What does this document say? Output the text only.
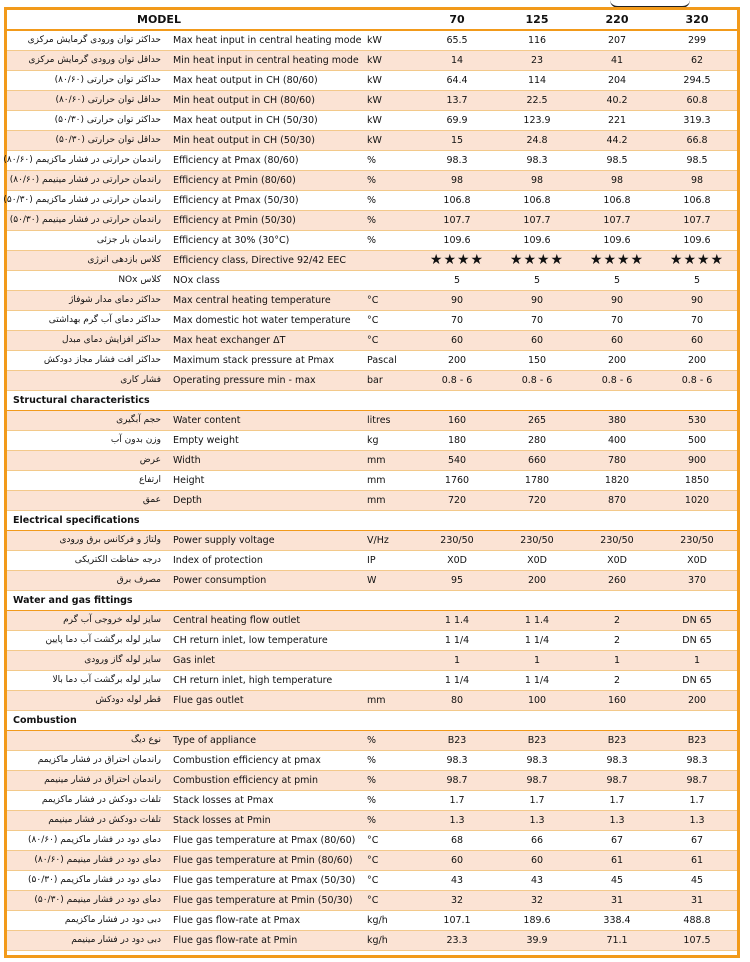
MODEL			70	125	220	320
حداکثر توان ورودی گرمایش مرکزی	Max heat input in central heating mode	kW	65.5	116	207	299
حداقل توان ورودی گرمایش مرکزی	Min heat input in central heating mode	kW	14	23	41	62
حداکثر توان حرارتی (۸۰/۶۰)	Max heat output in CH (80/60)	kW	64.4	114	204	294.5
حداقل توان حرارتی (۸۰/۶۰)	Min heat output in CH (80/60)	kW	13.7	22.5	40.2	60.8
حداکثر توان حرارتی (۵۰/۳۰)	Max heat output in CH (50/30)	kW	69.9	123.9	221	319.3
حداقل توان حرارتی (۵۰/۳۰)	Min heat output in CH (50/30)	kW	15	24.8	44.2	66.8
راندمان حرارتی در فشار ماکزیمم (۸۰/۶۰)	Efficiency at Pmax (80/60)	%	98.3	98.3	98.5	98.5
راندمان حرارتی در فشار مینیمم (۸۰/۶۰)	Efficiency at Pmin (80/60)	%	98	98	98	98
راندمان حرارتی در فشار ماکزیمم (۵۰/۳۰)	Efficiency at Pmax (50/30)	%	106.8	106.8	106.8	106.8
راندمان حرارتی در فشار مینیمم (۵۰/۳۰)	Efficiency at Pmin (50/30)	%	107.7	107.7	107.7	107.7
راندمان بار جزئی	Efficiency at 30% (30°C)	%	109.6	109.6	109.6	109.6
کلاس بازدهی انرژی	Efficiency class, Directive 92/42 EEC		★★★★	★★★★	★★★★	★★★★
کلاس NOx	NOx class		5	5	5	5
حداکثر دمای مدار شوفاژ	Max central heating temperature	°C	90	90	90	90
حداکثر دمای آب گرم بهداشتی	Max domestic hot water temperature	°C	70	70	70	70
حداکثر افزایش دمای مبدل	Max heat exchanger ΔT	°C	60	60	60	60
حداکثر افت فشار مجاز دودکش	Maximum stack pressure at Pmax	Pascal	200	150	200	200
فشار کاری	Operating pressure min - max	bar	0.8 - 6	0.8 - 6	0.8 - 6	0.8 - 6
Structural characteristics						
حجم آبگیری	Water content	litres	160	265	380	530
وزن بدون آب	Empty weight	kg	180	280	400	500
عرض	Width	mm	540	660	780	900
ارتفاع	Height	mm	1760	1780	1820	1850
عمق	Depth	mm	720	720	870	1020
Electrical specifications						
ولتاژ و فرکانس برق ورودی	Power supply voltage	V/Hz	230/50	230/50	230/50	230/50
درجه حفاظت الکتریکی	Index of protection	IP	X0D	X0D	X0D	X0D
مصرف برق	Power consumption	W	95	200	260	370
Water and gas fittings						
سایز لوله خروجی آب گرم	Central heating flow outlet		1 1.4	1 1.4	2	DN 65
سایز لوله برگشت آب دما پایین	CH return inlet, low temperature		1 1/4	1 1/4	2	DN 65
سایز لوله گاز ورودی	Gas inlet		1	1	1	1
سایز لوله برگشت آب دما بالا	CH return inlet, high temperature		1 1/4	1 1/4	2	DN 65
قطر لوله دودکش	Flue gas outlet	mm	80	100	160	200
Combustion						
نوع دیگ	Type of appliance	%	B23	B23	B23	B23
راندمان احتراق در فشار ماکزیمم	Combustion efficiency at pmax	%	98.3	98.3	98.3	98.3
راندمان احتراق در فشار مینیمم	Combustion efficiency at pmin	%	98.7	98.7	98.7	98.7
تلفات دودکش در فشار ماکزیمم	Stack losses at Pmax	%	1.7	1.7	1.7	1.7
تلفات دودکش در فشار مینیمم	Stack losses at Pmin	%	1.3	1.3	1.3	1.3
دمای دود در فشار ماکزیمم (۸۰/۶۰)	Flue gas temperature at Pmax (80/60)	°C	68	66	67	67
دمای دود در فشار مینیمم (۸۰/۶۰)	Flue gas temperature at Pmin (80/60)	°C	60	60	61	61
دمای دود در فشار ماکزیمم (۵۰/۳۰)	Flue gas temperature at Pmax (50/30)	°C	43	43	45	45
دمای دود در فشار مینیمم (۵۰/۳۰)	Flue gas temperature at Pmin (50/30)	°C	32	32	31	31
دبی دود در فشار ماکزیمم	Flue gas flow-rate at Pmax	kg/h	107.1	189.6	338.4	488.8
دبی دود در فشار مینیمم	Flue gas flow-rate at Pmin	kg/h	23.3	39.9	71.1	107.5
